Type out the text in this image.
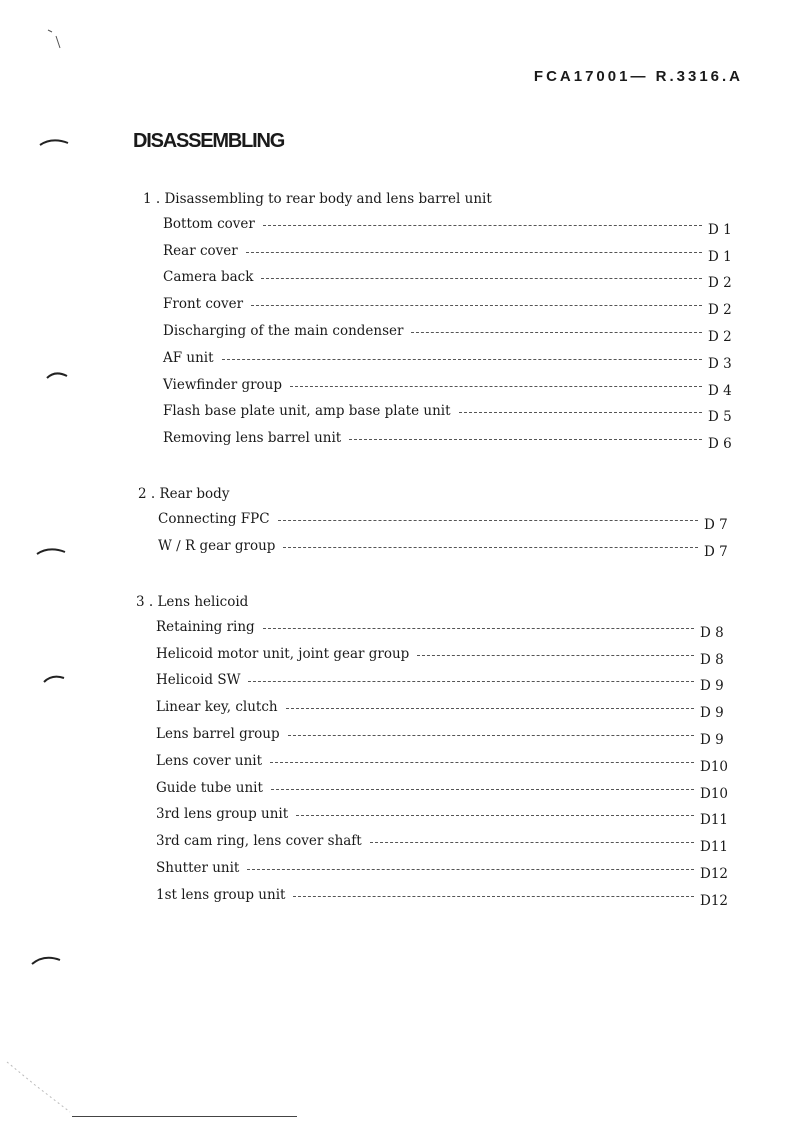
FCA17001— R.3316.A
DISASSEMBLING
1 . Disassembling to rear body and lens barrel unit
Bottom cover	D 1
Rear cover	D 1
Camera back	D 2
Front cover	D 2
Discharging of the main condenser	D 2
AF unit	D 3
Viewfinder group	D 4
Flash base plate unit, amp base plate unit	D 5
Removing lens barrel unit	D 6
2 . Rear body
Connecting FPC	D 7
W ∕ R gear group	D 7
3 . Lens helicoid
Retaining ring	D 8
Helicoid motor unit, joint gear group	D 8
Helicoid SW	D 9
Linear key, clutch	D 9
Lens barrel group	D 9
Lens cover unit	D10
Guide tube unit	D10
3rd lens group unit	D11
3rd cam ring, lens cover shaft	D11
Shutter unit	D12
1st lens group unit	D12
